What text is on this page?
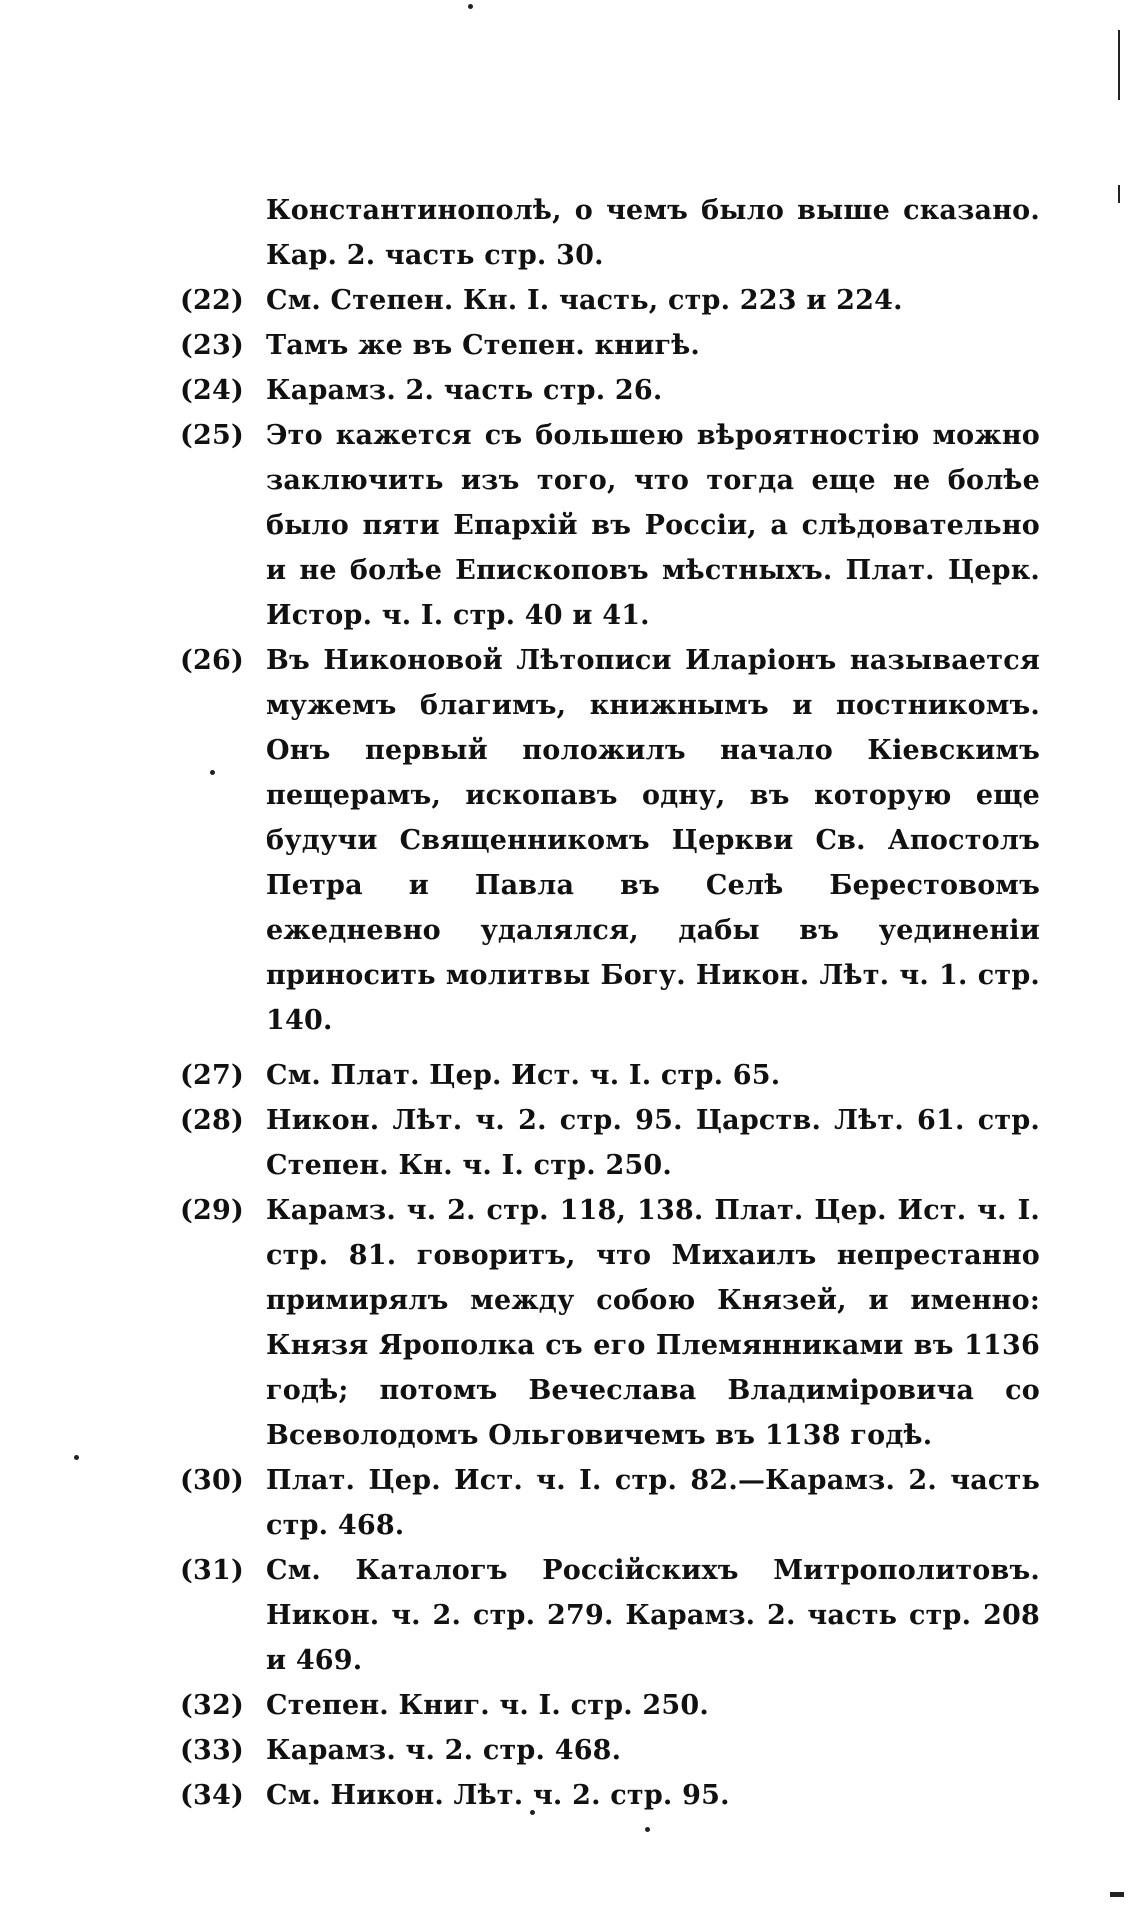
Константинополѣ, о чемъ было выше сказано. Кар. 2. часть стр. 30.
(22) См. Степен. Кн. I. часть, стр. 223 и 224.
(23) Тамъ же въ Степен. книгѣ.
(24) Карамз. 2. часть стр. 26.
(25) Это кажется съ большею вѣроятностію можно заключить изъ того, что тогда еще не болѣе было пяти Епархій въ Россіи, а слѣдовательно и не болѣе Епископовъ мѣстныхъ. Плат. Церк. Истор. ч. I. стр. 40 и 41.
(26) Въ Никоновой Лѣтописи Иларіонъ называется мужемъ благимъ, книжнымъ и постникомъ. Онъ первый положилъ начало Кіевскимъ пещерамъ, ископавъ одну, въ которую еще будучи Священникомъ Церкви Св. Апостолъ Петра и Павла въ Селѣ Берестовомъ ежедневно удалялся, дабы въ уединеніи приносить молитвы Богу. Никон. Лѣт. ч. 1. стр. 140.
(27) См. Плат. Цер. Ист. ч. I. стр. 65.
(28) Никон. Лѣт. ч. 2. стр. 95. Царств. Лѣт. 61. стр. Степен. Кн. ч. I. стр. 250.
(29) Карамз. ч. 2. стр. 118, 138. Плат. Цер. Ист. ч. I. стр. 81. говоритъ, что Михаилъ непрестанно примирялъ между собою Князей, и именно: Князя Ярополка съ его Племянниками въ 1136 годѣ; потомъ Вечеслава Владиміровича со Всеволодомъ Ольговичемъ въ 1138 годѣ.
(30) Плат. Цер. Ист. ч. I. стр. 82.—Карамз. 2. часть стр. 468.
(31) См. Каталогъ Россійскихъ Митрополитовъ. Никон. ч. 2. стр. 279. Карамз. 2. часть стр. 208 и 469.
(32) Степен. Книг. ч. I. стр. 250.
(33) Карамз. ч. 2. стр. 468.
(34) См. Никон. Лѣт. ч. 2. стр. 95.
